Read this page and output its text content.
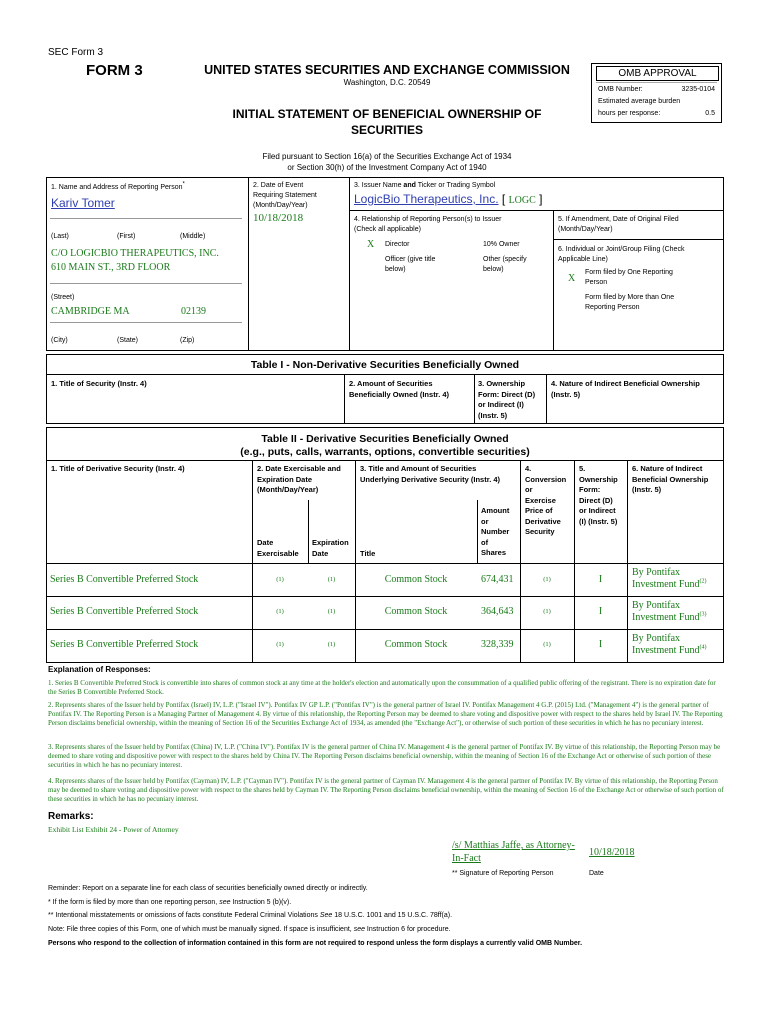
SEC Form 3
FORM 3	UNITED STATES SECURITIES AND EXCHANGE COMMISSION
Washington, D.C. 20549
INITIAL STATEMENT OF BENEFICIAL OWNERSHIP OF
SECURITIES
OMB APPROVAL
OMB Number:	3235-0104
Estimated average burden
hours per response:	0.5
Filed pursuant to Section 16(a) of the Securities Exchange Act of 1934
or Section 30(h) of the Investment Company Act of 1940
1. Name and Address of Reporting Person*
Kariv Tomer
(Last)	(First)	(Middle)
C/O LOGICBIO THERAPEUTICS, INC.
610 MAIN ST., 3RD FLOOR
(Street)
CAMBRIDGE MA	02139
(City)	(State)	(Zip)
2. Date of Event
Requiring Statement
(Month/Day/Year)
10/18/2018
3. Issuer Name and Ticker or Trading Symbol
LogicBio Therapeutics, Inc. [ LOGC ]
4. Relationship of Reporting Person(s) to Issuer
(Check all applicable)
X Director	10% Owner
Officer (give title
below)
Other (specify
below)
5. If Amendment, Date of Original Filed
(Month/Day/Year)
6. Individual or Joint/Group Filing (Check
Applicable Line)
X
Form filed by One Reporting
Person
Form filed by More than One
Reporting Person
Table I - Non-Derivative Securities Beneficially Owned
1. Title of Security (Instr. 4)	2. Amount of Securities
Beneficially Owned (Instr. 4)
3. Ownership
Form: Direct (D)
or Indirect (I)
(Instr. 5)
4. Nature of Indirect Beneficial Ownership
(Instr. 5)
Table II - Derivative Securities Beneficially Owned
(e.g., puts, calls, warrants, options, convertible securities)
1. Title of Derivative Security (Instr. 4)	2. Date Exercisable and
Expiration Date
(Month/Day/Year)
Date
Exercisable
Expiration
Date
3. Title and Amount of Securities
Underlying Derivative Security (Instr. 4)
Title
Amount
or
Number
of
Shares
4.
Conversion
or
Exercise
Price of
Derivative
Security
5.
Ownership
Form:
Direct (D)
or Indirect
(I) (Instr. 5)
6. Nature of Indirect
Beneficial Ownership
(Instr. 5)
Series B Convertible Preferred Stock	(1)	(1)	Common Stock	674,431	(1)	I
By Pontifax
Investment Fund$^{(2)}$
Series B Convertible Preferred Stock	(1)	(1)	Common Stock	364,643	(1)	I
By Pontifax
Investment Fund$^{(3)}$
Series B Convertible Preferred Stock	(1)	(1)	Common Stock	328,339	(1)	I
By Pontifax
Investment Fund$^{(4)}$
Explanation of Responses:
1. Series B Convertible Preferred Stock is convertible into shares of common stock at any time at the holder's election and automatically upon the consummation of a qualified public offering of the registrant. There is no expiration date for the Series B Convertible Preferred Stock.
2. Represents shares of the Issuer held by Pontifax (Israel) IV, L.P. ("Israel IV"). Pontifax IV GP L.P. ("Pontifax IV") is the general partner of Israel IV. Pontifax Management 4 G.P. (2015) Ltd. ("Management 4") is the general partner of Pontifax IV. The Reporting Person is a Managing Partner of Management 4. By virtue of this relationship, the Reporting Person may be deemed to share voting and dispositive power with respect to the shares held by Israel IV. The Reporting Person disclaims beneficial ownership, within the meaning of Section 16 of the Securities Exchange Act of 1934, as amended (the "Exchange Act"), or otherwise of such portion of these securities in which he has no pecuniary interest.
3. Represents shares of the Issuer held by Pontifax (China) IV, L.P. ("China IV"). Pontifax IV is the general partner of China IV. Management 4 is the general partner of Pontifax IV. By virtue of this relationship, the Reporting Person may be deemed to share voting and dispositive power with respect to the shares held by China IV. The Reporting Person disclaims beneficial ownership, within the meaning of Section 16 of the Exchange Act or otherwise of such portion of these securities in which he has no pecuniary interest.
4. Represents shares of the Issuer held by Pontifax (Cayman) IV, L.P. ("Cayman IV"). Pontifax IV is the general partner of Cayman IV. Management 4 is the general partner of Pontifax IV. By virtue of this relationship, the Reporting Person may be deemed to share voting and dispositive power with respect to the shares held by Cayman IV. The Reporting Person disclaims beneficial ownership, within the meaning of Section 16 of the Exchange Act or otherwise of such portion of these securities in which he has no pecuniary interest.
Remarks:
Exhibit List Exhibit 24 - Power of Attorney
/s/ Matthias Jaffe, as Attorney-
In-Fact	10/18/2018
** Signature of Reporting Person	Date
Reminder: Report on a separate line for each class of securities beneficially owned directly or indirectly.
* If the form is filed by more than one reporting person, see Instruction 5 (b)(v).
** Intentional misstatements or omissions of facts constitute Federal Criminal Violations See 18 U.S.C. 1001 and 15 U.S.C. 78ff(a).
Note: File three copies of this Form, one of which must be manually signed. If space is insufficient, see Instruction 6 for procedure.
Persons who respond to the collection of information contained in this form are not required to respond unless the form displays a currently valid OMB Number.
